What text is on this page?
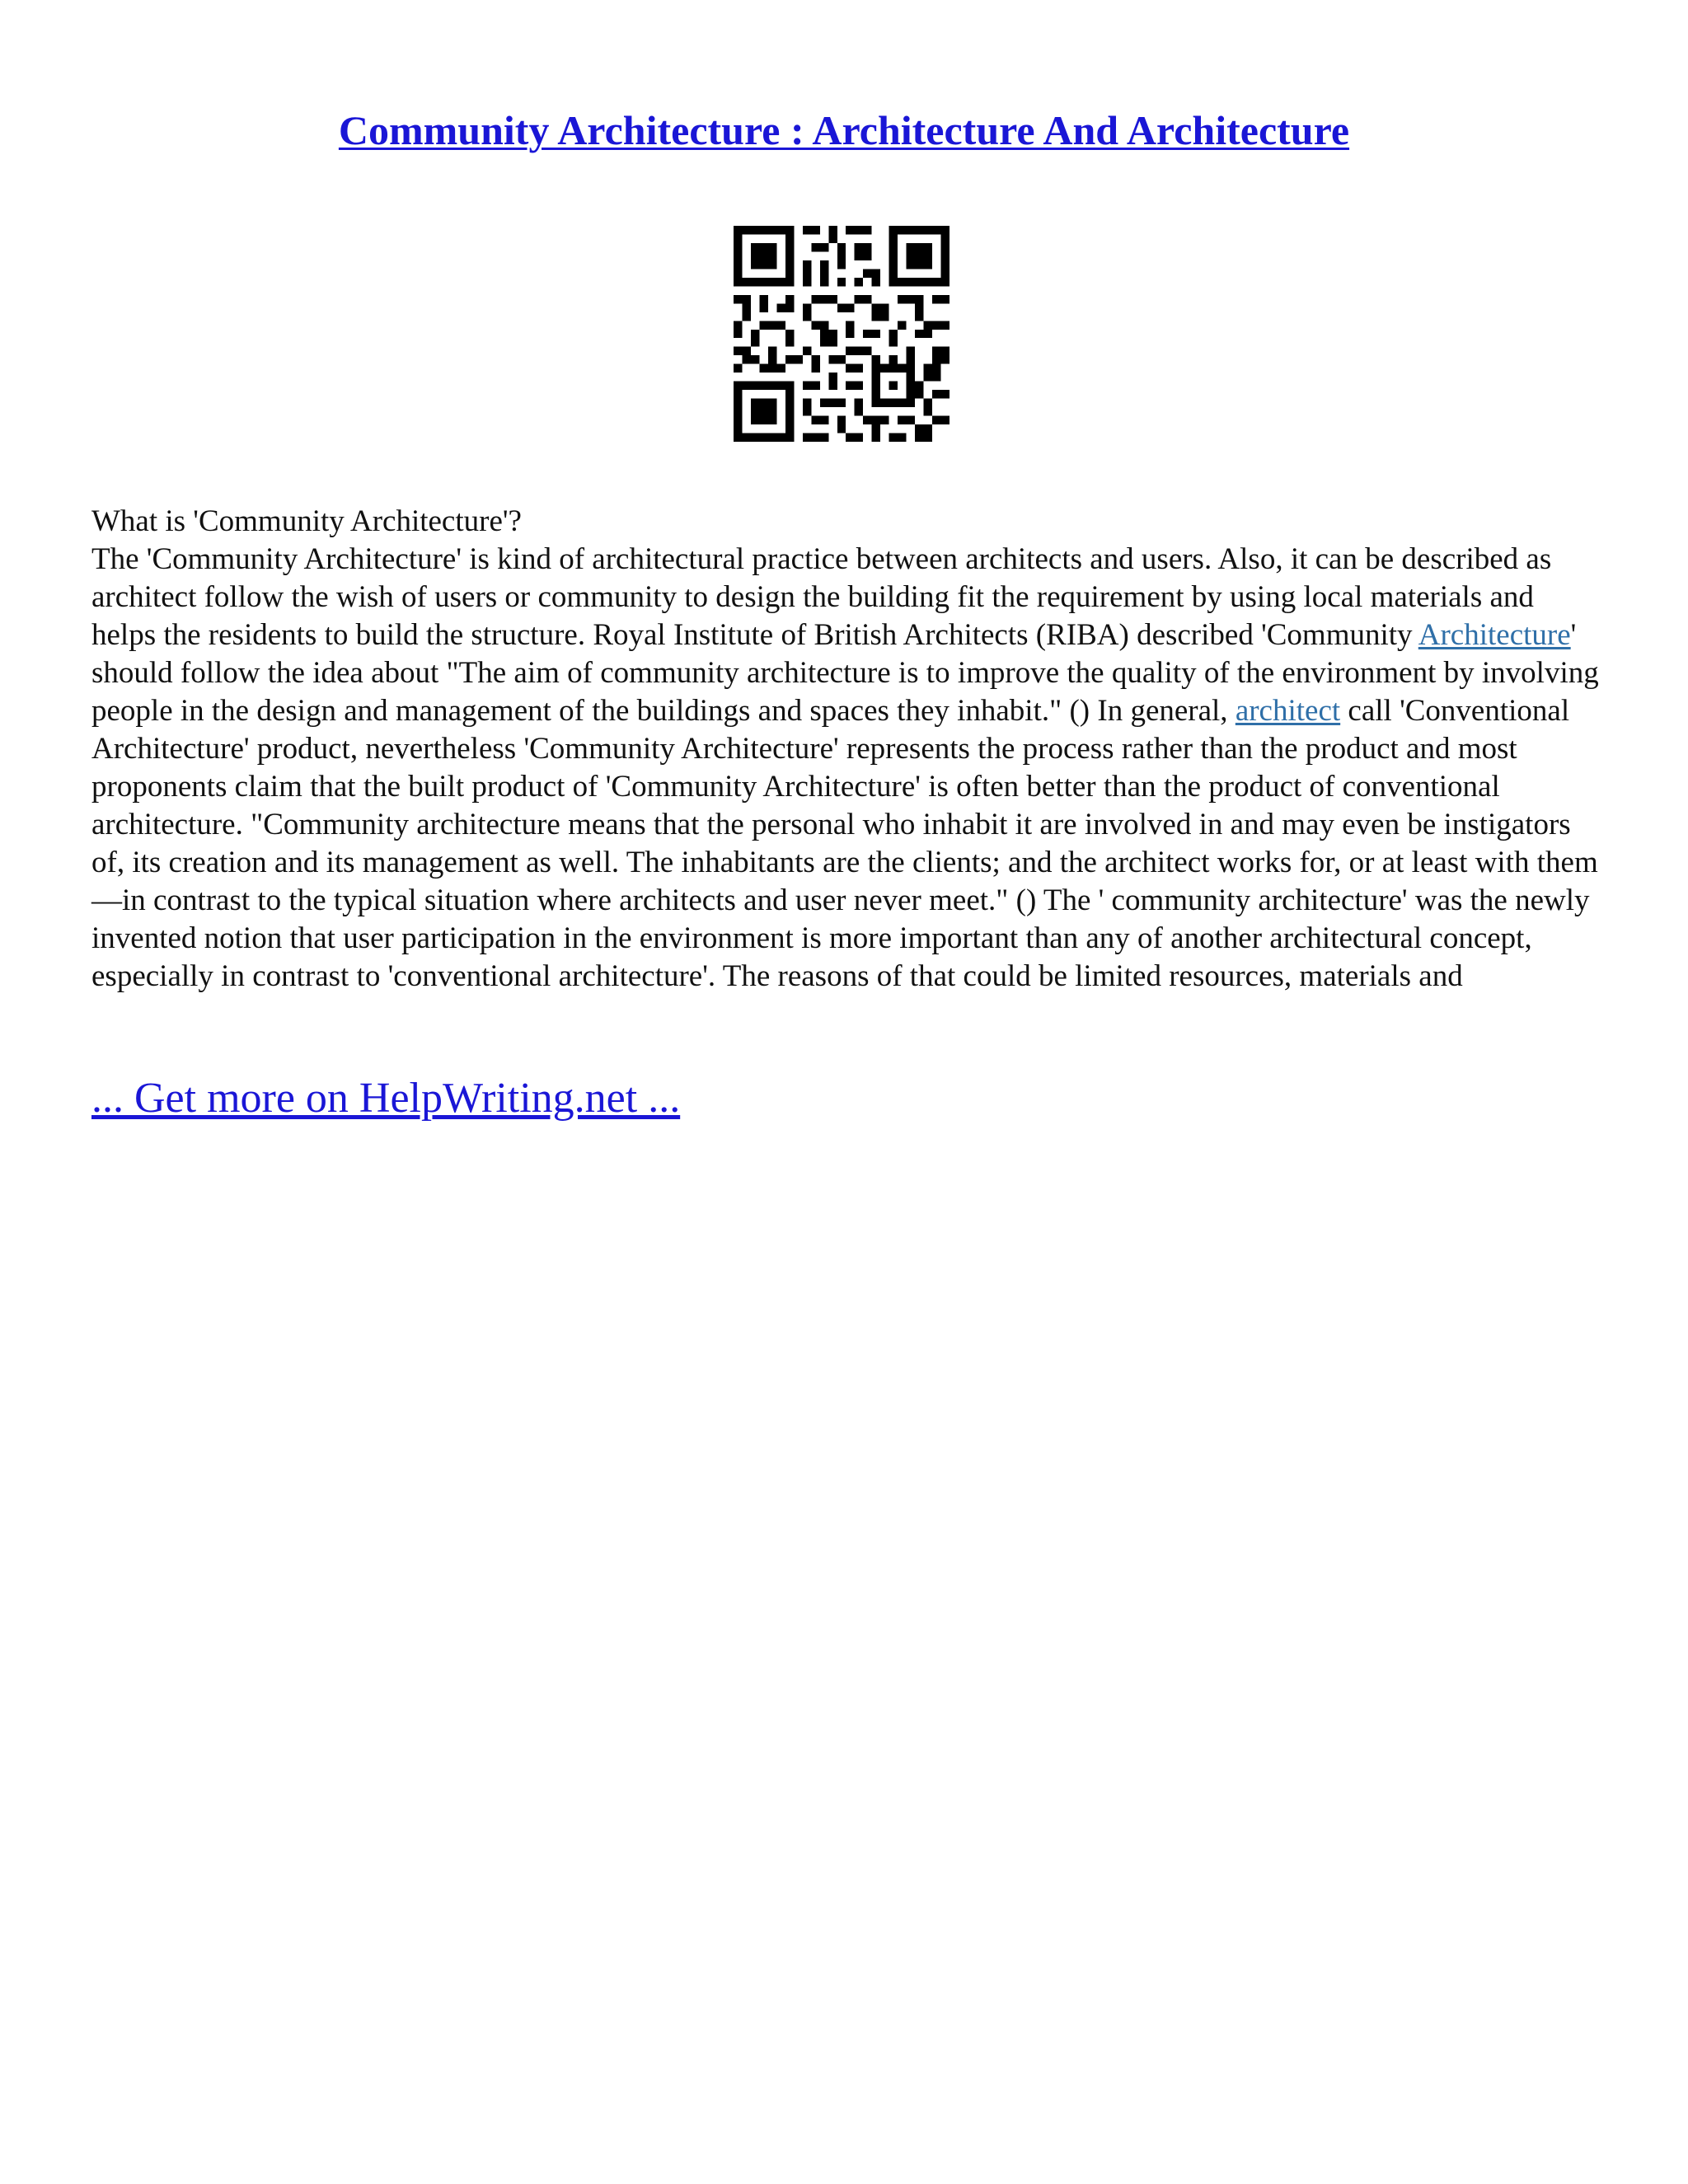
Community Architecture : Architecture And Architecture

What is 'Community Architecture'?

The 'Community Architecture' is kind of architectural practice between architects and users. Also, it can be described as architect follow the wish of users or community to design the building fit the requirement by using local materials and helps the residents to build the structure. Royal Institute of British Architects (RIBA) described 'Community Architecture' should follow the idea about "The aim of community architecture is to improve the quality of the environment by involving people in the design and management of the buildings and spaces they inhabit." () In general, architect call 'Conventional Architecture' product, nevertheless 'Community Architecture' represents the process rather than the product and most proponents claim that the built product of 'Community Architecture' is often better than the product of conventional architecture. "Community architecture means that the personal who inhabit it are involved in and may even be instigators of, its creation and its management as well. The inhabitants are the clients; and the architect works for, or at least with them—in contrast to the typical situation where architects and user never meet." () The ' community architecture' was the newly invented notion that user participation in the environment is more important than any of another architectural concept, especially in contrast to 'conventional architecture'. The reasons of that could be limited resources, materials and

... Get more on HelpWriting.net ...
